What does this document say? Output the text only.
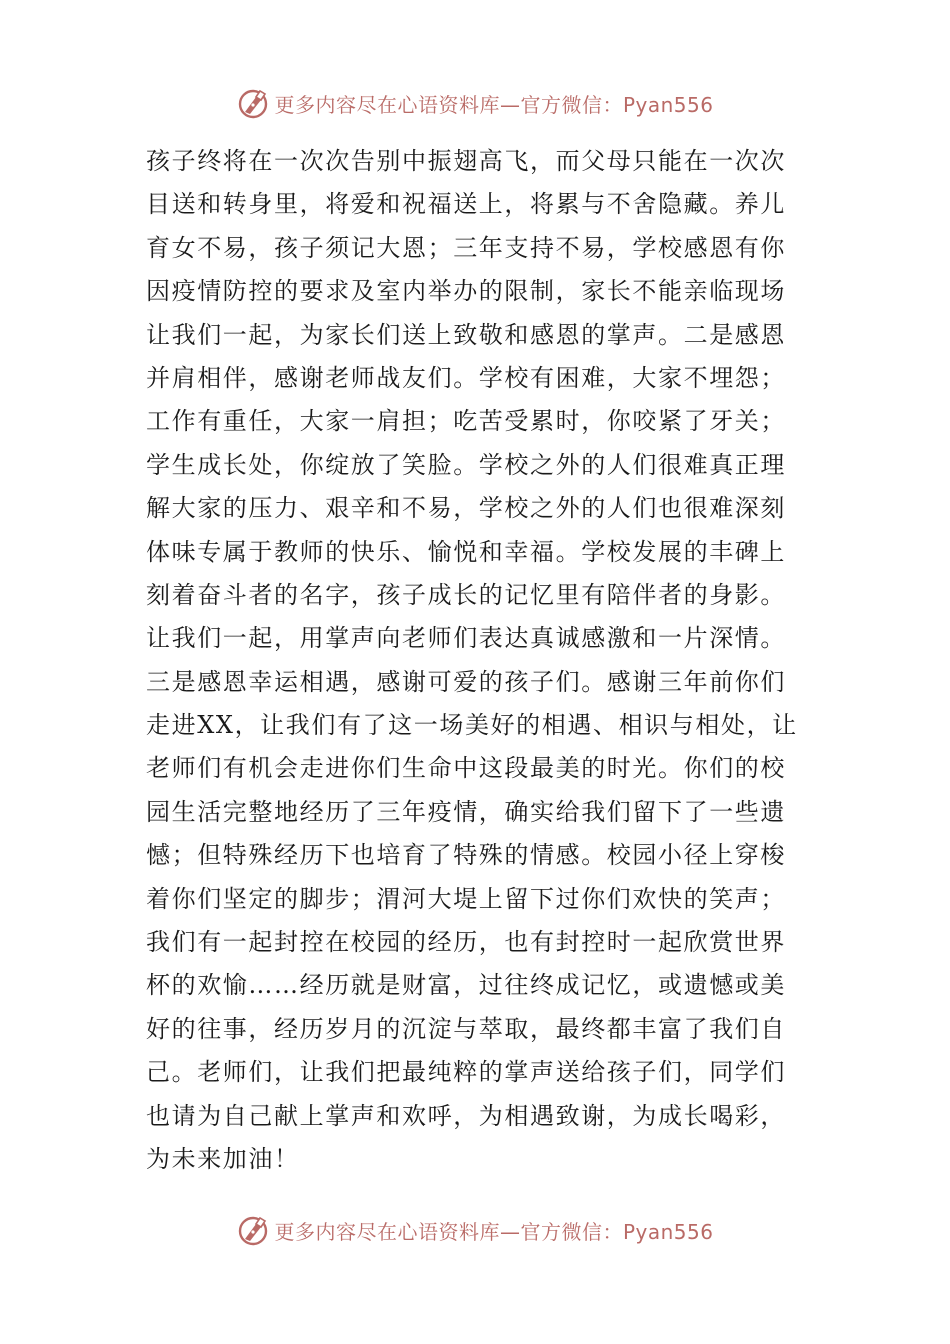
更多内容尽在心语资料库—官方微信：Pyan556
孩子终将在一次次告别中振翅高飞，而父母只能在一次次
目送和转身里，将爱和祝福送上，将累与不舍隐藏。养儿
育女不易，孩子须记大恩；三年支持不易，学校感恩有你
因疫情防控的要求及室内举办的限制，家长不能亲临现场
让我们一起，为家长们送上致敬和感恩的掌声。二是感恩
并肩相伴，感谢老师战友们。学校有困难，大家不埋怨；
工作有重任，大家一肩担；吃苦受累时，你咬紧了牙关；
学生成长处，你绽放了笑脸。学校之外的人们很难真正理
解大家的压力、艰辛和不易，学校之外的人们也很难深刻
体味专属于教师的快乐、愉悦和幸福。学校发展的丰碑上
刻着奋斗者的名字，孩子成长的记忆里有陪伴者的身影。
让我们一起，用掌声向老师们表达真诚感激和一片深情。
三是感恩幸运相遇，感谢可爱的孩子们。感谢三年前你们
走进XX，让我们有了这一场美好的相遇、相识与相处，让
老师们有机会走进你们生命中这段最美的时光。你们的校
园生活完整地经历了三年疫情，确实给我们留下了一些遗
憾；但特殊经历下也培育了特殊的情感。校园小径上穿梭
着你们坚定的脚步；渭河大堤上留下过你们欢快的笑声；
我们有一起封控在校园的经历，也有封控时一起欣赏世界
杯的欢愉……经历就是财富，过往终成记忆，或遗憾或美
好的往事，经历岁月的沉淀与萃取，最终都丰富了我们自
己。老师们，让我们把最纯粹的掌声送给孩子们，同学们
也请为自己献上掌声和欢呼，为相遇致谢，为成长喝彩，
为未来加油！
更多内容尽在心语资料库—官方微信：Pyan556
